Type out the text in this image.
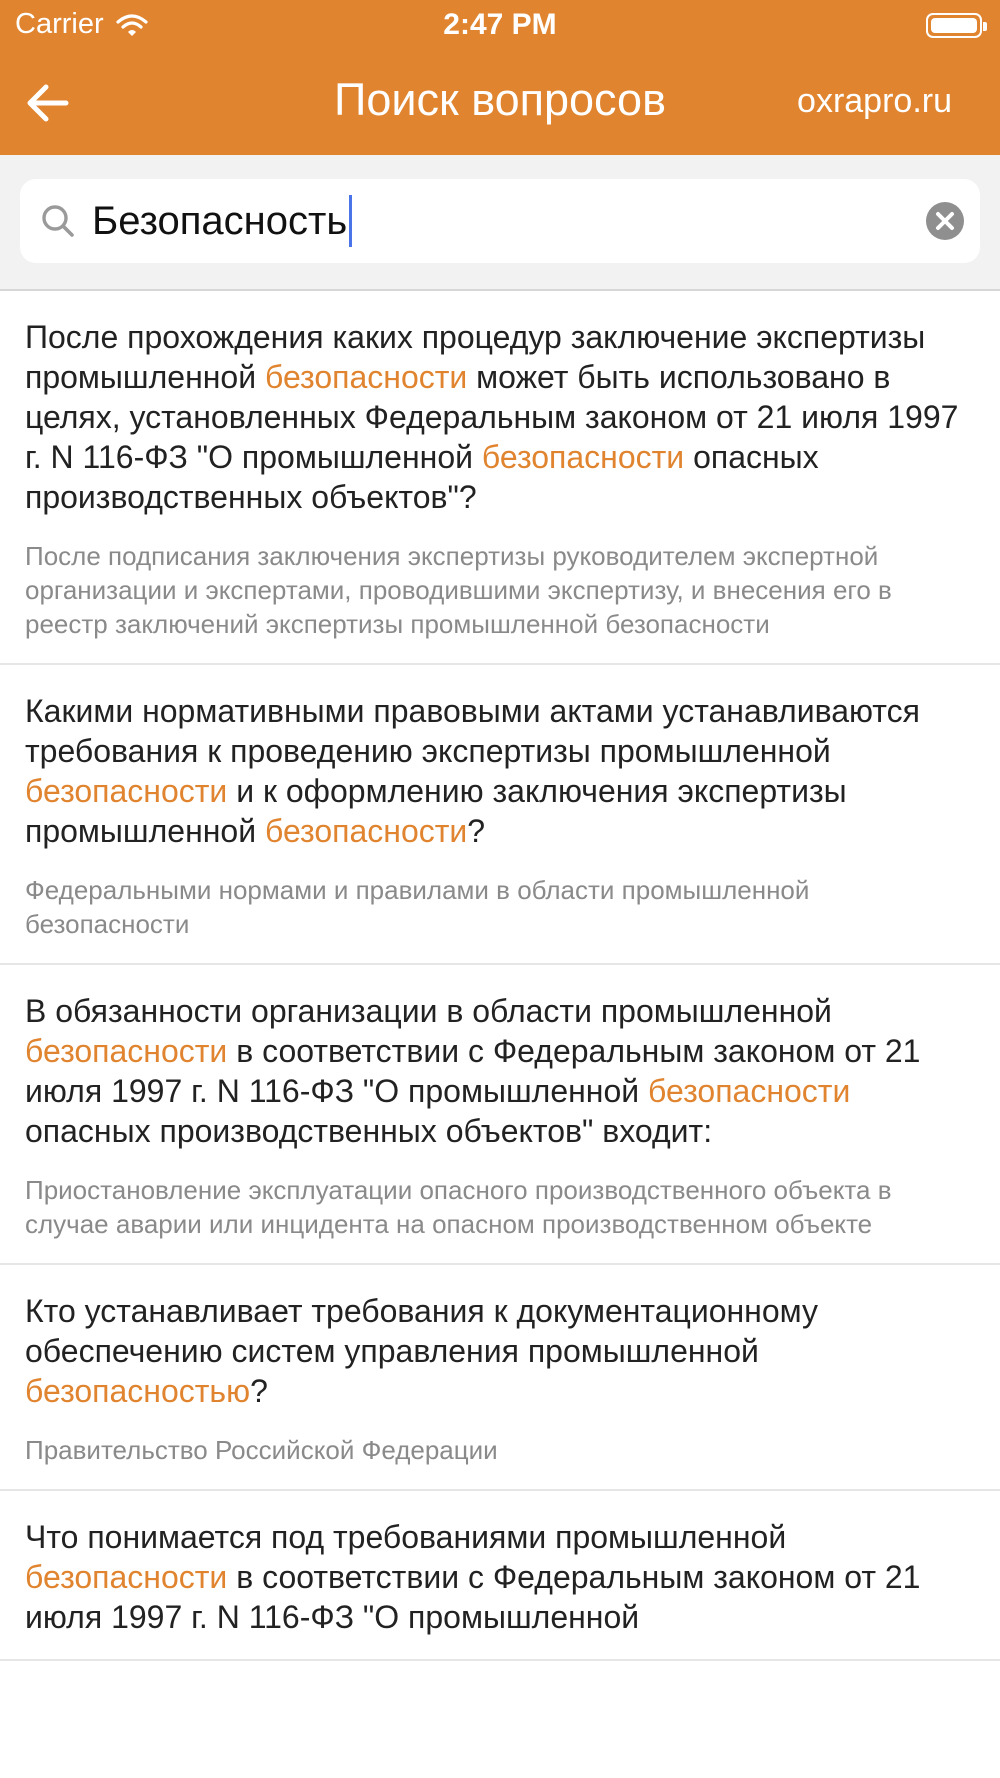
Carrier	2:47 PM
Поиск вопросов	oxrapro.ru
Безопасность

После прохождения каких процедур заключение экспертизы промышленной безопасности может быть использовано в целях, установленных Федеральным законом от 21 июля 1997 г. N 116-ФЗ "О промышленной безопасности опасных производственных объектов"?

После подписания заключения экспертизы руководителем экспертной организации и экспертами, проводившими экспертизу, и внесения его в реестр заключений экспертизы промышленной безопасности

Какими нормативными правовыми актами устанавливаются требования к проведению экспертизы промышленной безопасности и к оформлению заключения экспертизы промышленной безопасности?

Федеральными нормами и правилами в области промышленной безопасности

В обязанности организации в области промышленной безопасности в соответствии с Федеральным законом от 21 июля 1997 г. N 116-ФЗ "О промышленной безопасности опасных производственных объектов" входит:

Приостановление эксплуатации опасного производственного объекта в случае аварии или инцидента на опасном производственном объекте

Кто устанавливает требования к документационному обеспечению систем управления промышленной безопасностью?

Правительство Российской Федерации

Что понимается под требованиями промышленной безопасности в соответствии с Федеральным законом от 21 июля 1997 г. N 116-ФЗ "О промышленной
